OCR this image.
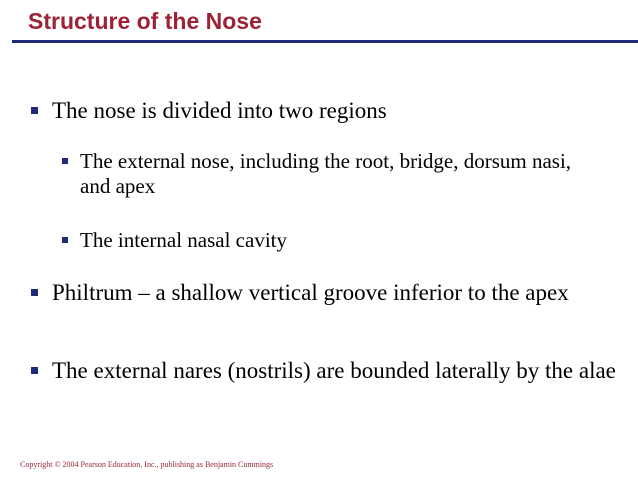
Structure of the Nose
The nose is divided into two regions
The external nose, including the root, bridge, dorsum nasi, and apex
The internal nasal cavity
Philtrum – a shallow vertical groove inferior to the apex
The external nares (nostrils) are bounded laterally by the alae
Copyright © 2004 Pearson Education, Inc., publishing as Benjamin Cummings
